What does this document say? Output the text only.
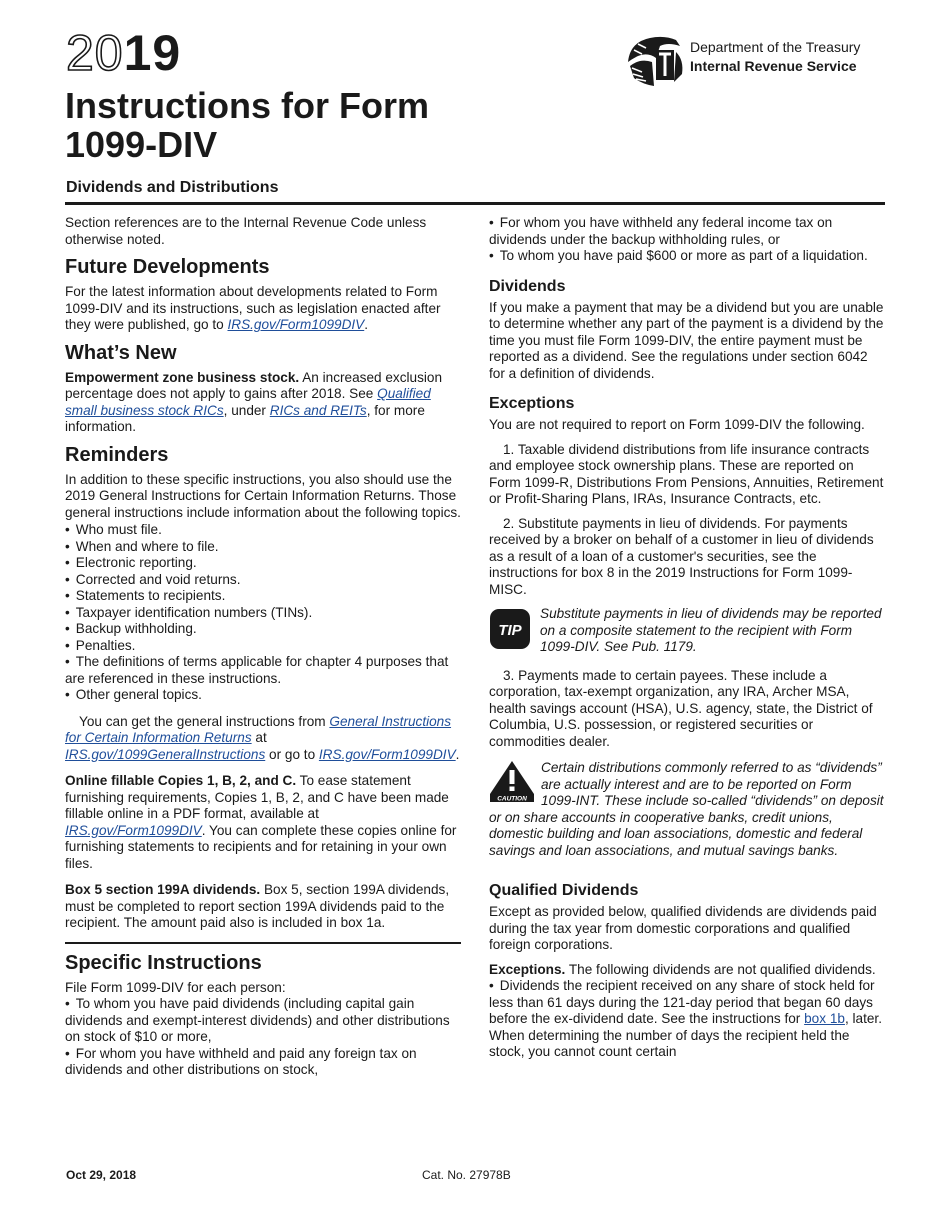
2019
Instructions for Form 1099-DIV
Department of the Treasury
Internal Revenue Service
Dividends and Distributions

Section references are to the Internal Revenue Code unless otherwise noted.

Future Developments

For the latest information about developments related to Form 1099-DIV and its instructions, such as legislation enacted after they were published, go to IRS.gov/Form1099DIV.

What’s New

Empowerment zone business stock. An increased exclusion percentage does not apply to gains after 2018. See Qualified small business stock RICs, under RICs and REITs, for more information.

Reminders

In addition to these specific instructions, you also should use the 2019 General Instructions for Certain Information Returns. Those general instructions include information about the following topics.

• Who must file.
• When and where to file.
• Electronic reporting.
• Corrected and void returns.
• Statements to recipients.
• Taxpayer identification numbers (TINs).
• Backup withholding.
• Penalties.
• The definitions of terms applicable for chapter 4 purposes that are referenced in these instructions.
• Other general topics.

You can get the general instructions from General Instructions for Certain Information Returns at IRS.gov/1099GeneralInstructions or go to IRS.gov/Form1099DIV.

Online fillable Copies 1, B, 2, and C. To ease statement furnishing requirements, Copies 1, B, 2, and C have been made fillable online in a PDF format, available at IRS.gov/Form1099DIV. You can complete these copies online for furnishing statements to recipients and for retaining in your own files.

Box 5 section 199A dividends. Box 5, section 199A dividends, must be completed to report section 199A dividends paid to the recipient. The amount paid also is included in box 1a.

Specific Instructions

File Form 1099-DIV for each person:

• To whom you have paid dividends (including capital gain dividends and exempt-interest dividends) and other distributions on stock of $10 or more,
• For whom you have withheld and paid any foreign tax on dividends and other distributions on stock,
• For whom you have withheld any federal income tax on dividends under the backup withholding rules, or
• To whom you have paid $600 or more as part of a liquidation.
Dividends

If you make a payment that may be a dividend but you are unable to determine whether any part of the payment is a dividend by the time you must file Form 1099-DIV, the entire payment must be reported as a dividend. See the regulations under section 6042 for a definition of dividends.

Exceptions

You are not required to report on Form 1099-DIV the following.

1. Taxable dividend distributions from life insurance contracts and employee stock ownership plans. These are reported on Form 1099-R, Distributions From Pensions, Annuities, Retirement or Profit-Sharing Plans, IRAs, Insurance Contracts, etc.

2. Substitute payments in lieu of dividends. For payments received by a broker on behalf of a customer in lieu of dividends as a result of a loan of a customer's securities, see the instructions for box 8 in the 2019 Instructions for Form 1099-MISC.

TIP
Substitute payments in lieu of dividends may be reported on a composite statement to the recipient with Form 1099-DIV. See Pub. 1179.

3. Payments made to certain payees. These include a corporation, tax-exempt organization, any IRA, Archer MSA, health savings account (HSA), U.S. agency, state, the District of Columbia, U.S. possession, or registered securities or commodities dealer.

CAUTION
Certain distributions commonly referred to as “dividends” are actually interest and are to be reported on Form 1099-INT. These include so-called “dividends” on deposit or on share accounts in cooperative banks, credit unions, domestic building and loan associations, domestic and federal savings and loan associations, and mutual savings banks.
Qualified Dividends

Except as provided below, qualified dividends are dividends paid during the tax year from domestic corporations and qualified foreign corporations.

Exceptions. The following dividends are not qualified dividends.

• Dividends the recipient received on any share of stock held for less than 61 days during the 121-day period that began 60 days before the ex-dividend date. See the instructions for box 1b, later. When determining the number of days the recipient held the stock, you cannot count certain
Oct 29, 2018	Cat. No. 27978B
